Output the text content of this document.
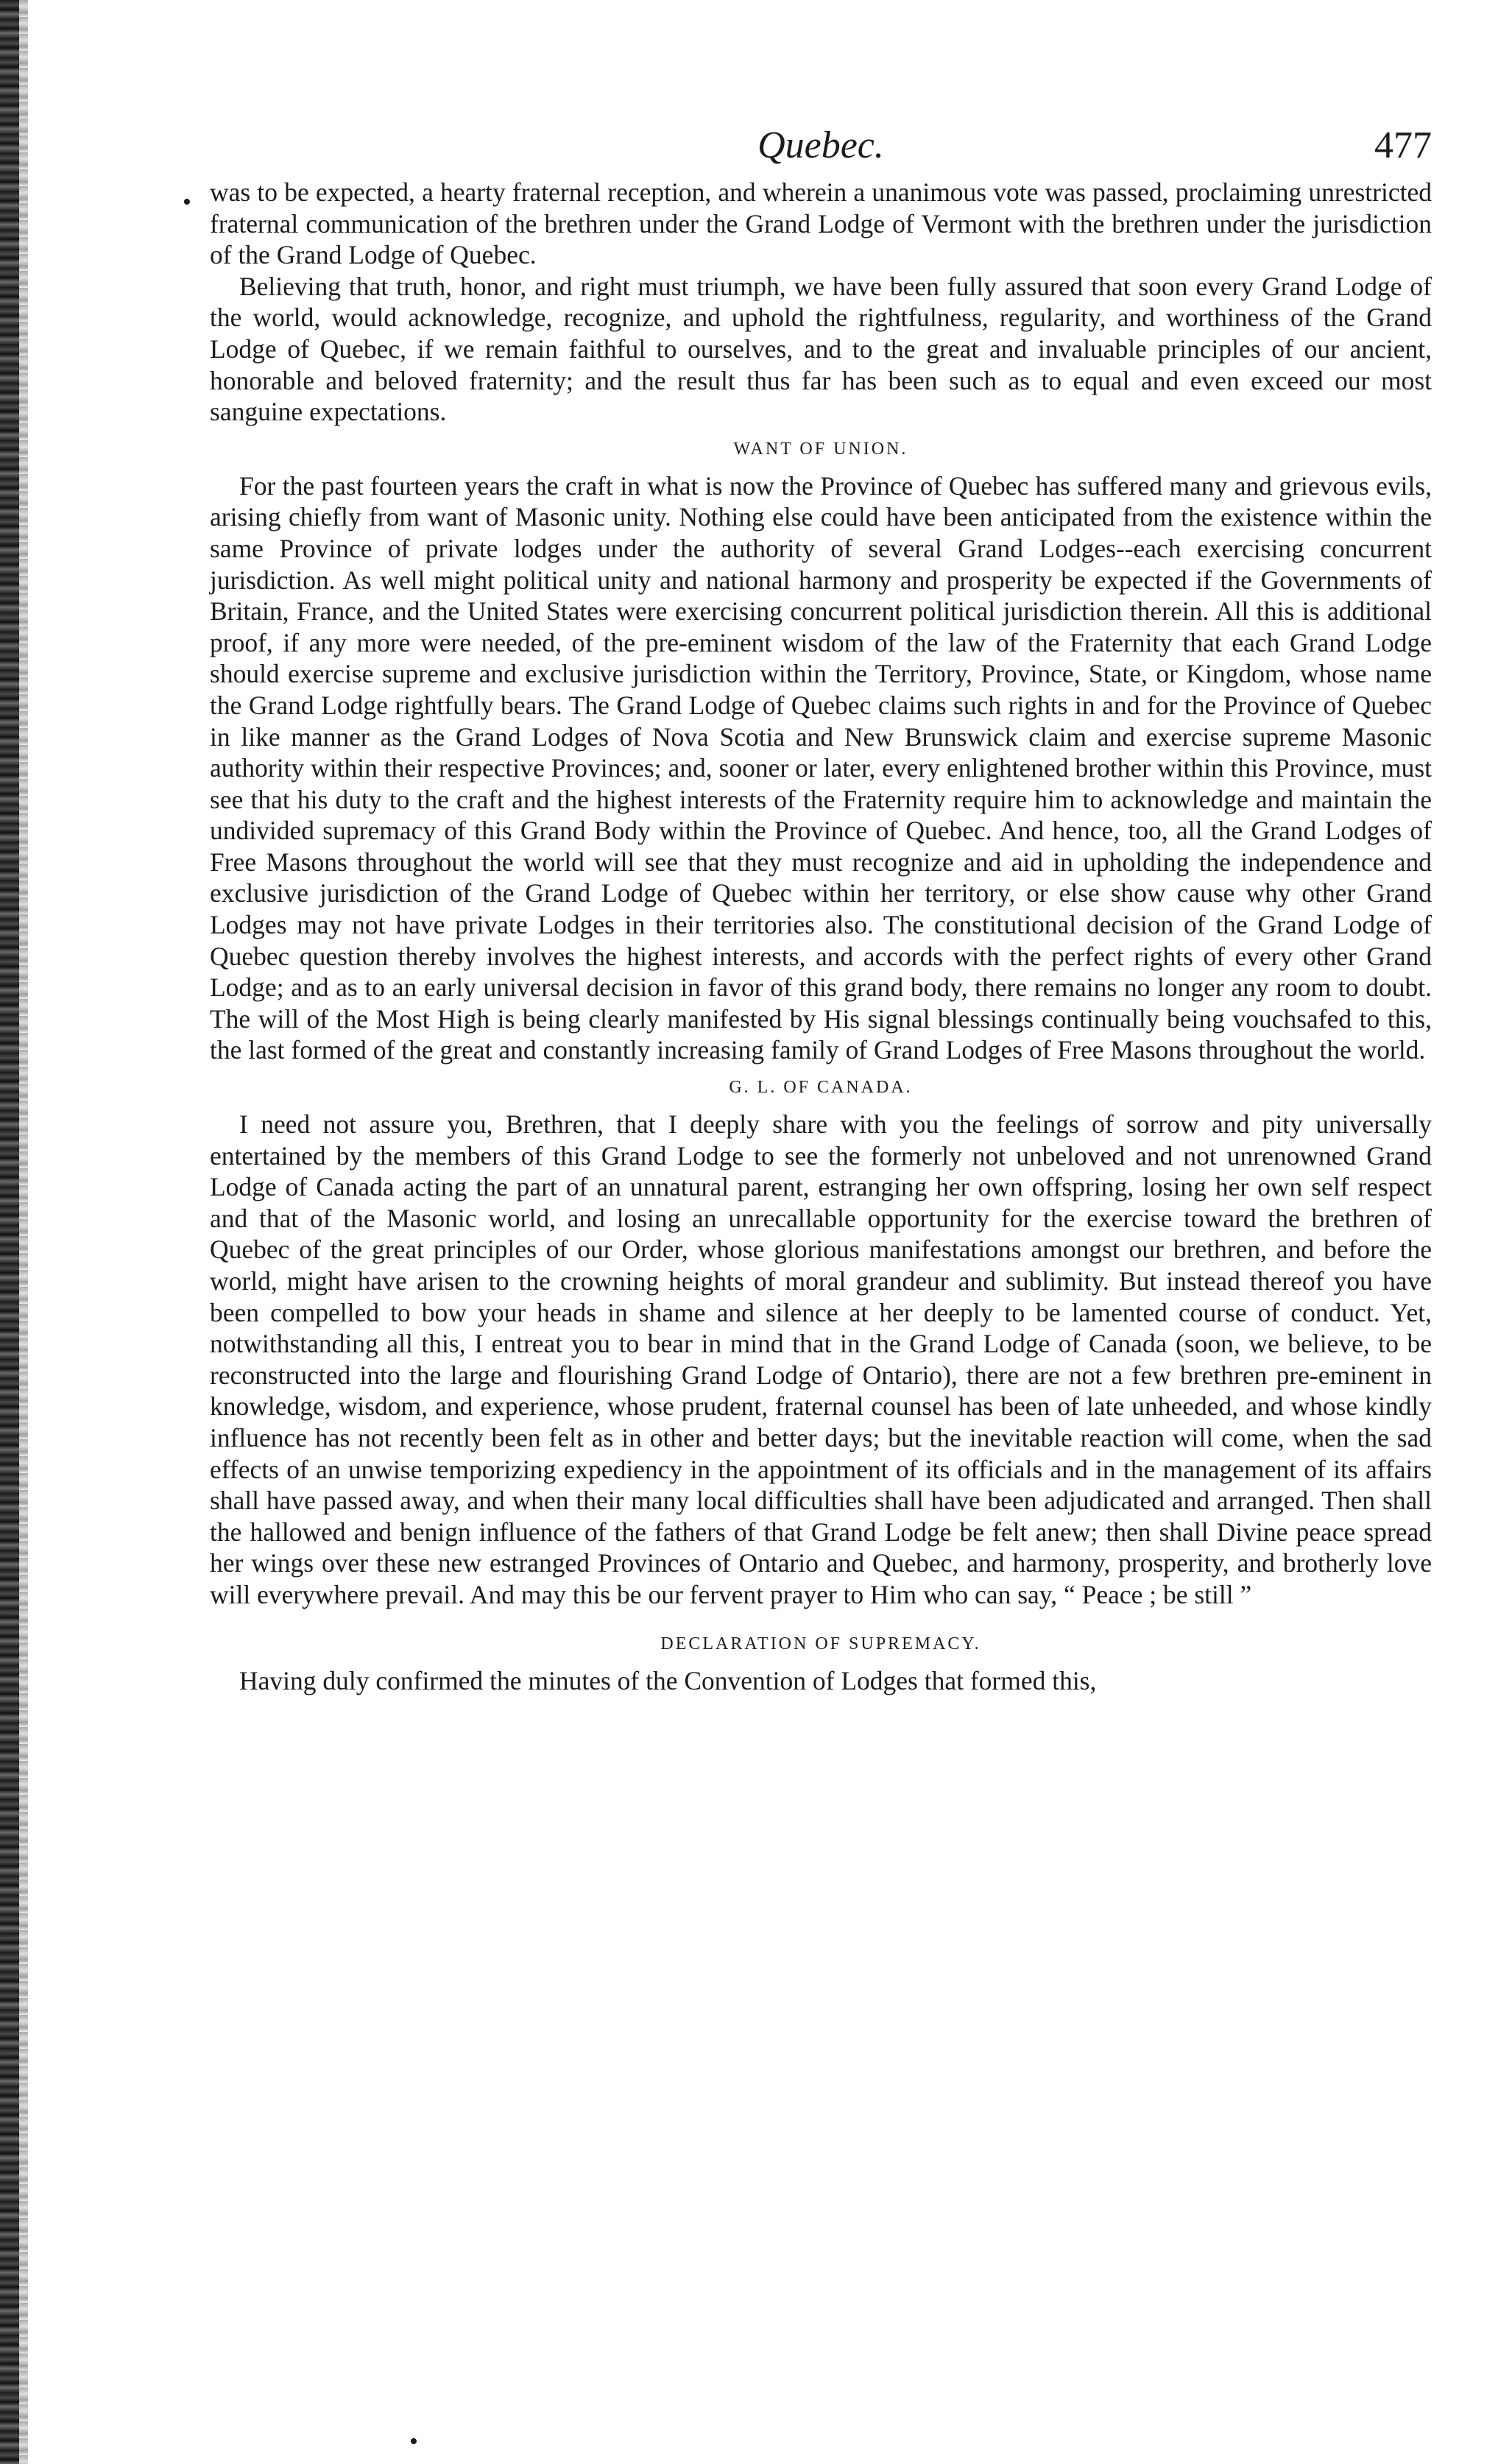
Quebec.	477

was to be expected, a hearty fraternal reception, and wherein a unanimous vote was passed, proclaiming unrestricted fraternal communication of the brethren under the Grand Lodge of Vermont with the brethren under the jurisdiction of the Grand Lodge of Quebec.

Believing that truth, honor, and right must triumph, we have been fully assured that soon every Grand Lodge of the world, would acknowledge, recognize, and uphold the rightfulness, regularity, and worthiness of the Grand Lodge of Quebec, if we remain faithful to ourselves, and to the great and invaluable principles of our ancient, honorable and beloved fraternity; and the result thus far has been such as to equal and even exceed our most sanguine expectations.

WANT OF UNION.

For the past fourteen years the craft in what is now the Province of Quebec has suffered many and grievous evils, arising chiefly from want of Masonic unity. Nothing else could have been anticipated from the existence within the same Province of private lodges under the authority of several Grand Lodges--each exercising concurrent jurisdiction. As well might political unity and national harmony and prosperity be expected if the Governments of Britain, France, and the United States were exercising concurrent political jurisdiction therein. All this is additional proof, if any more were needed, of the pre-eminent wisdom of the law of the Fraternity that each Grand Lodge should exercise supreme and exclusive jurisdiction within the Territory, Province, State, or Kingdom, whose name the Grand Lodge rightfully bears. The Grand Lodge of Quebec claims such rights in and for the Province of Quebec in like manner as the Grand Lodges of Nova Scotia and New Brunswick claim and exercise supreme Masonic authority within their respective Provinces; and, sooner or later, every enlightened brother within this Province, must see that his duty to the craft and the highest interests of the Fraternity require him to acknowledge and maintain the undivided supremacy of this Grand Body within the Province of Quebec. And hence, too, all the Grand Lodges of Free Masons throughout the world will see that they must recognize and aid in upholding the independence and exclusive jurisdiction of the Grand Lodge of Quebec within her territory, or else show cause why other Grand Lodges may not have private Lodges in their territories also. The constitutional decision of the Grand Lodge of Quebec question thereby involves the highest interests, and accords with the perfect rights of every other Grand Lodge; and as to an early universal decision in favor of this grand body, there remains no longer any room to doubt. The will of the Most High is being clearly manifested by His signal blessings continually being vouchsafed to this, the last formed of the great and constantly increasing family of Grand Lodges of Free Masons throughout the world.

G. L. OF CANADA.

I need not assure you, Brethren, that I deeply share with you the feelings of sorrow and pity universally entertained by the members of this Grand Lodge to see the formerly not unbeloved and not unrenowned Grand Lodge of Canada acting the part of an unnatural parent, estranging her own offspring, losing her own self respect and that of the Masonic world, and losing an unrecallable opportunity for the exercise toward the brethren of Quebec of the great principles of our Order, whose glorious manifestations amongst our brethren, and before the world, might have arisen to the crowning heights of moral grandeur and sublimity. But instead thereof you have been compelled to bow your heads in shame and silence at her deeply to be lamented course of conduct. Yet, notwithstanding all this, I entreat you to bear in mind that in the Grand Lodge of Canada (soon, we believe, to be reconstructed into the large and flourishing Grand Lodge of Ontario), there are not a few brethren pre-eminent in knowledge, wisdom, and experience, whose prudent, fraternal counsel has been of late unheeded, and whose kindly influence has not recently been felt as in other and better days; but the inevitable reaction will come, when the sad effects of an unwise temporizing expediency in the appointment of its officials and in the management of its affairs shall have passed away, and when their many local difficulties shall have been adjudicated and arranged. Then shall the hallowed and benign influence of the fathers of that Grand Lodge be felt anew; then shall Divine peace spread her wings over these new estranged Provinces of Ontario and Quebec, and harmony, prosperity, and brotherly love will everywhere prevail. And may this be our fervent prayer to Him who can say, “ Peace ; be still ”

DECLARATION OF SUPREMACY.

Having duly confirmed the minutes of the Convention of Lodges that formed this,

•
•
